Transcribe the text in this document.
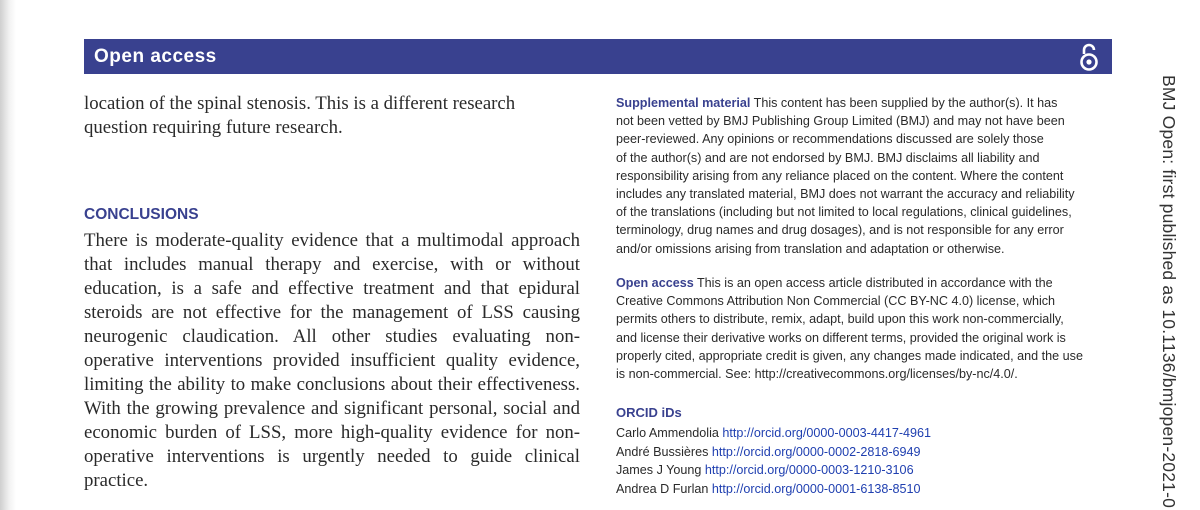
Open access

location of the spinal stenosis. This is a different research

question requiring future research.

CONCLUSIONS

There is moderate-quality evidence that a multimodal approach that includes manual therapy and exercise, with or without education, is a safe and effective treatment and that epidural steroids are not effective for the management of LSS causing neurogenic claudication. All other studies evaluating non-operative interventions provided insufficient quality evidence, limiting the ability to make conclusions about their effectiveness. With the growing prevalence and significant personal, social and economic burden of LSS, more high-quality evidence for non-operative interventions is urgently needed to guide clinical practice.

Supplemental material This content has been supplied by the author(s). It has
not been vetted by BMJ Publishing Group Limited (BMJ) and may not have been
peer-reviewed. Any opinions or recommendations discussed are solely those
of the author(s) and are not endorsed by BMJ. BMJ disclaims all liability and
responsibility arising from any reliance placed on the content. Where the content
includes any translated material, BMJ does not warrant the accuracy and reliability
of the translations (including but not limited to local regulations, clinical guidelines,
terminology, drug names and drug dosages), and is not responsible for any error
and/or omissions arising from translation and adaptation or otherwise.
Open access This is an open access article distributed in accordance with the
Creative Commons Attribution Non Commercial (CC BY-NC 4.0) license, which
permits others to distribute, remix, adapt, build upon this work non-commercially,
and license their derivative works on different terms, provided the original work is
properly cited, appropriate credit is given, any changes made indicated, and the use
is non-commercial. See: http://creativecommons.org/licenses/by-nc/4.0/.
ORCID iDs
Carlo Ammendolia http://orcid.org/0000-0003-4417-4961
André Bussières http://orcid.org/0000-0002-2818-6949
James J Young http://orcid.org/0000-0003-1210-3106
Andrea D Furlan http://orcid.org/0000-0001-6138-8510	BMJ Open: first published as 10.1136/bmjopen-2021-0
